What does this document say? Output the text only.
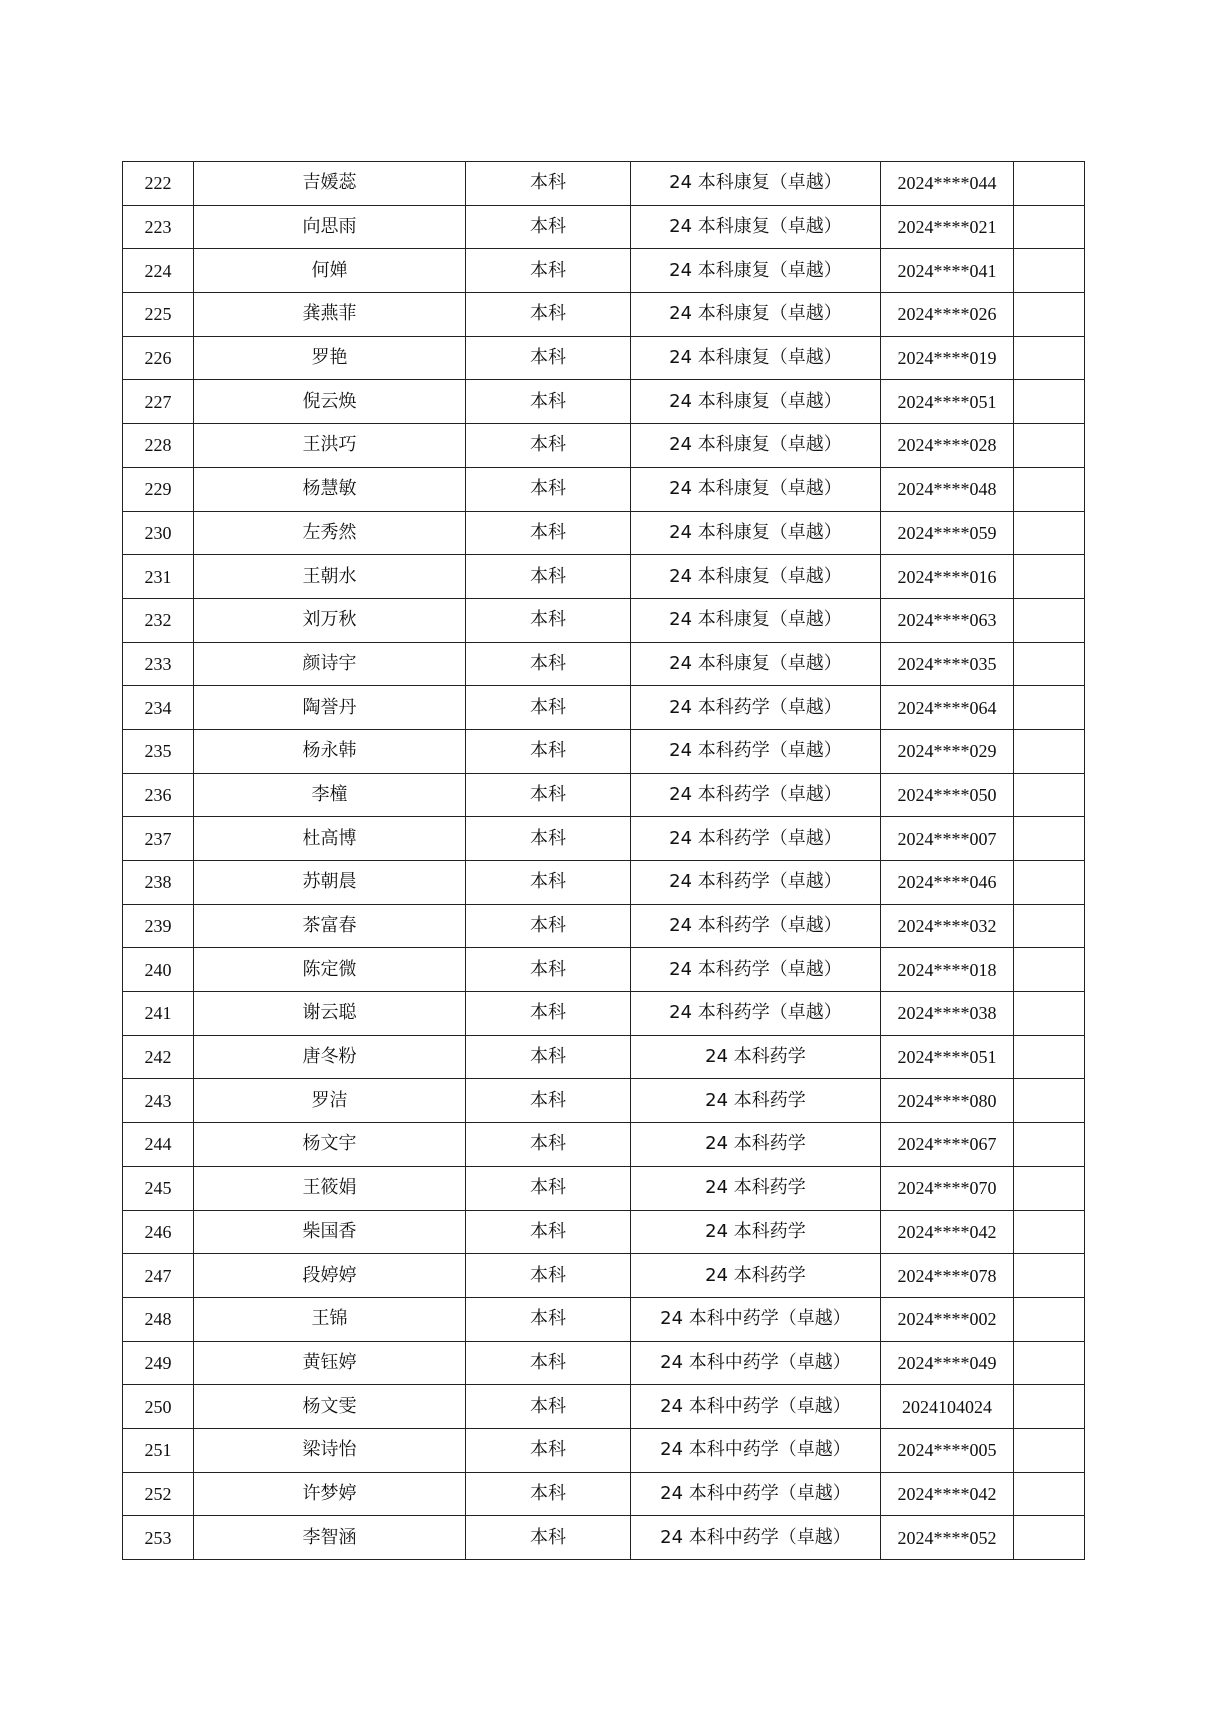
222	吉媛蕊	本科	24 本科康复（卓越）	2024****044	
223	向思雨	本科	24 本科康复（卓越）	2024****021	
224	何婵	本科	24 本科康复（卓越）	2024****041	
225	龚燕菲	本科	24 本科康复（卓越）	2024****026	
226	罗艳	本科	24 本科康复（卓越）	2024****019	
227	倪云焕	本科	24 本科康复（卓越）	2024****051	
228	王洪巧	本科	24 本科康复（卓越）	2024****028	
229	杨慧敏	本科	24 本科康复（卓越）	2024****048	
230	左秀然	本科	24 本科康复（卓越）	2024****059	
231	王朝水	本科	24 本科康复（卓越）	2024****016	
232	刘万秋	本科	24 本科康复（卓越）	2024****063	
233	颜诗宇	本科	24 本科康复（卓越）	2024****035	
234	陶誉丹	本科	24 本科药学（卓越）	2024****064	
235	杨永韩	本科	24 本科药学（卓越）	2024****029	
236	李橦	本科	24 本科药学（卓越）	2024****050	
237	杜高博	本科	24 本科药学（卓越）	2024****007	
238	苏朝晨	本科	24 本科药学（卓越）	2024****046	
239	茶富春	本科	24 本科药学（卓越）	2024****032	
240	陈定微	本科	24 本科药学（卓越）	2024****018	
241	谢云聪	本科	24 本科药学（卓越）	2024****038	
242	唐冬粉	本科	24 本科药学	2024****051	
243	罗洁	本科	24 本科药学	2024****080	
244	杨文宇	本科	24 本科药学	2024****067	
245	王筱娟	本科	24 本科药学	2024****070	
246	柴国香	本科	24 本科药学	2024****042	
247	段婷婷	本科	24 本科药学	2024****078	
248	王锦	本科	24 本科中药学（卓越）	2024****002	
249	黄钰婷	本科	24 本科中药学（卓越）	2024****049	
250	杨文雯	本科	24 本科中药学（卓越）	2024104024	
251	梁诗怡	本科	24 本科中药学（卓越）	2024****005	
252	许梦婷	本科	24 本科中药学（卓越）	2024****042	
253	李智涵	本科	24 本科中药学（卓越）	2024****052	
